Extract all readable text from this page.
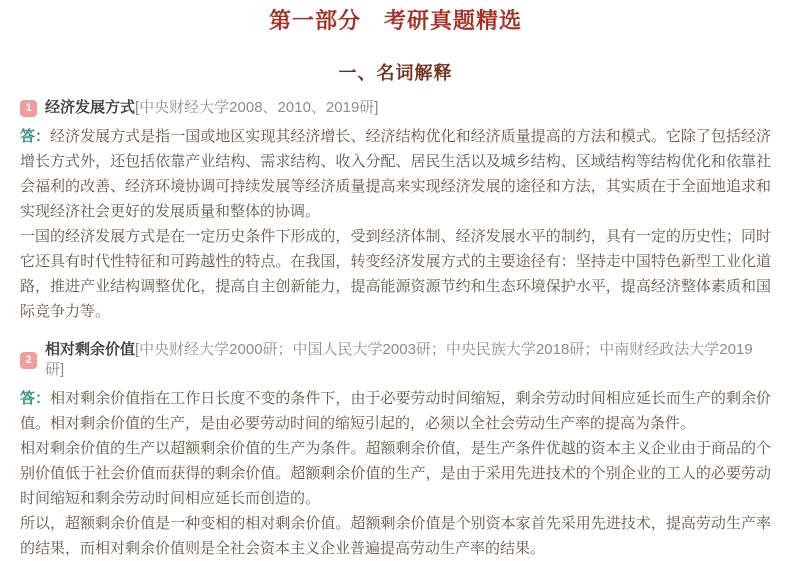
第一部分　考研真题精选
一、名词解释
1 经济发展方式[中央财经大学2008、2010、2019研]

答：经济发展方式是指一国或地区实现其经济增长、经济结构优化和经济质量提高的方法和模式。它除了包括经济增长方式外，还包括依靠产业结构、需求结构、收入分配、居民生活以及城乡结构、区域结构等结构优化和依靠社会福利的改善、经济环境协调可持续发展等经济质量提高来实现经济发展的途径和方法，其实质在于全面地追求和实现经济社会更好的发展质量和整体的协调。

一国的经济发展方式是在一定历史条件下形成的，受到经济体制、经济发展水平的制约，具有一定的历史性；同时它还具有时代性特征和可跨越性的特点。在我国，转变经济发展方式的主要途径有：坚持走中国特色新型工业化道路，推进产业结构调整优化，提高自主创新能力，提高能源资源节约和生态环境保护水平，提高经济整体素质和国际竞争力等。

2
相对剩余价值[中央财经大学2000研；中国人民大学2003研；中央民族大学2018研；中南财经政法大学2019研]

答：相对剩余价值指在工作日长度不变的条件下，由于必要劳动时间缩短，剩余劳动时间相应延长而生产的剩余价值。相对剩余价值的生产，是由必要劳动时间的缩短引起的，必须以全社会劳动生产率的提高为条件。

相对剩余价值的生产以超额剩余价值的生产为条件。超额剩余价值，是生产条件优越的资本主义企业由于商品的个别价值低于社会价值而获得的剩余价值。超额剩余价值的生产，是由于采用先进技术的个别企业的工人的必要劳动时间缩短和剩余劳动时间相应延长而创造的。

所以，超额剩余价值是一种变相的相对剩余价值。超额剩余价值是个别资本家首先采用先进技术，提高劳动生产率的结果，而相对剩余价值则是全社会资本主义企业普遍提高劳动生产率的结果。
